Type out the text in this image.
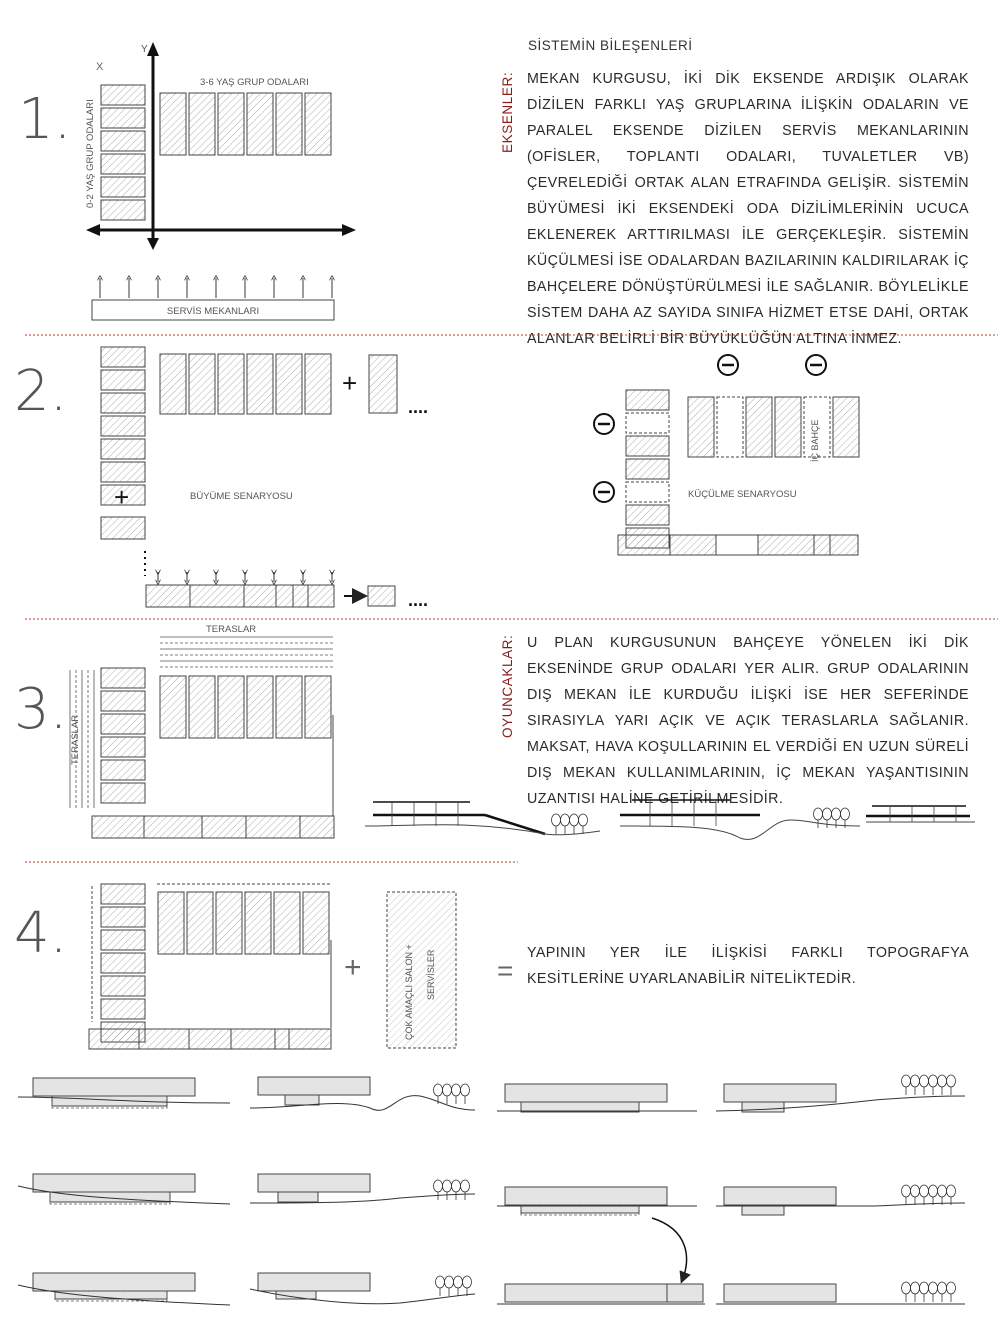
1.
2.
3.
4.
SİSTEMİN BİLEŞENLERİ
EKSENLER: MEKAN KURGUSU, İKİ DİK EKSENDE ARDIŞIK OLARAK DİZİLEN FARKLI YAŞ GRUPLARINA İLİŞKİN ODALARIN VE PARALEL EKSENDE DİZİLEN SERVİS MEKANLARININ (OFİSLER, TOPLANTI ODALARI, TUVALETLER VB) ÇEVRELEDİĞİ ORTAK ALAN ETRAFINDA GELİŞİR. SİSTEMİN BÜYÜMESİ İKİ EKSENDEKİ ODA DİZİLİMLERİNİN UCUCA EKLENEREK ARTTIRILMASI İLE GERÇEKLEŞİR. SİSTEMİN KÜÇÜLMESİ İSE ODALARDAN BAZILARININ KALDIRILARAK İÇ BAHÇELERE DÖNÜŞTÜRÜLMESİ İLE SAĞLANIR. BÖYLELİKLE SİSTEM DAHA AZ SAYIDA SINIFA HİZMET ETSE DAHİ, ORTAK ALANLAR BELİRLİ BİR BÜYÜKLÜĞÜN ALTINA İNMEZ.

OYUNCAKLAR: U PLAN KURGUSUNUN BAHÇEYE YÖNELEN İKİ DİK EKSENİNDE GRUP ODALARI YER ALIR. GRUP ODALARININ DIŞ MEKAN İLE KURDUĞU İLİŞKİ İSE HER SEFERİNDE SIRASIYLA YARI AÇIK VE AÇIK TERASLARLA SAĞLANIR. MAKSAT, HAVA KOŞULLARININ EL VERDİĞİ EN UZUN SÜRELİ DIŞ MEKAN KULLANIMLARININ, İÇ MEKAN YAŞANTISININ UZANTISI HALİNE GETİRİLMESİDİR.

YAPININ YER İLE İLİŞKİSİ FARKLI TOPOGRAFYA KESİTLERİNE UYARLANABİLİR NİTELİKTEDİR.

Y
X
0-2 YAŞ GRUP ODALARI
3-6 YAŞ GRUP ODALARI
SERVİS MEKANLARI
+
....
+	BÜYÜME SENARYOSU
....
İÇ BAHÇE
KÜÇÜLME SENARYOSU
TERASLAR
TERASLAR
+	ÇOK AMAÇLI SALON + SERVİSLER =
